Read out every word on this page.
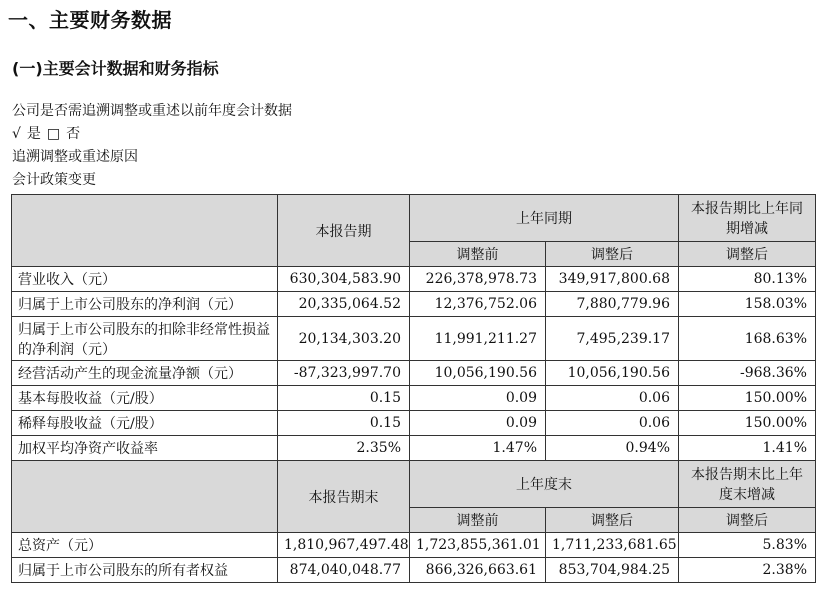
一、主要财务数据
(一)主要会计数据和财务指标
公司是否需追溯调整或重述以前年度会计数据
√ 是 □ 否
追溯调整或重述原因
会计政策变更
	本报告期	上年同期		本报告期比上年同期增减
		调整前	调整后	调整后
营业收入（元）	630,304,583.90	226,378,978.73	349,917,800.68	80.13%
归属于上市公司股东的净利润（元）	20,335,064.52	12,376,752.06	7,880,779.96	158.03%
归属于上市公司股东的扣除非经常性损益的净利润（元）	20,134,303.20	11,991,211.27	7,495,239.17	168.63%
经营活动产生的现金流量净额（元）	-87,323,997.70	10,056,190.56	10,056,190.56	-968.36%
基本每股收益（元/股）	0.15	0.09	0.06	150.00%
稀释每股收益（元/股）	0.15	0.09	0.06	150.00%
加权平均净资产收益率	2.35%	1.47%	0.94%	1.41%
	本报告期末	上年度末		本报告期末比上年度末增减
		调整前	调整后	调整后
总资产（元）	1,810,967,497.48	1,723,855,361.01	1,711,233,681.65	5.83%
归属于上市公司股东的所有者权益	874,040,048.77	866,326,663.61	853,704,984.25	2.38%
